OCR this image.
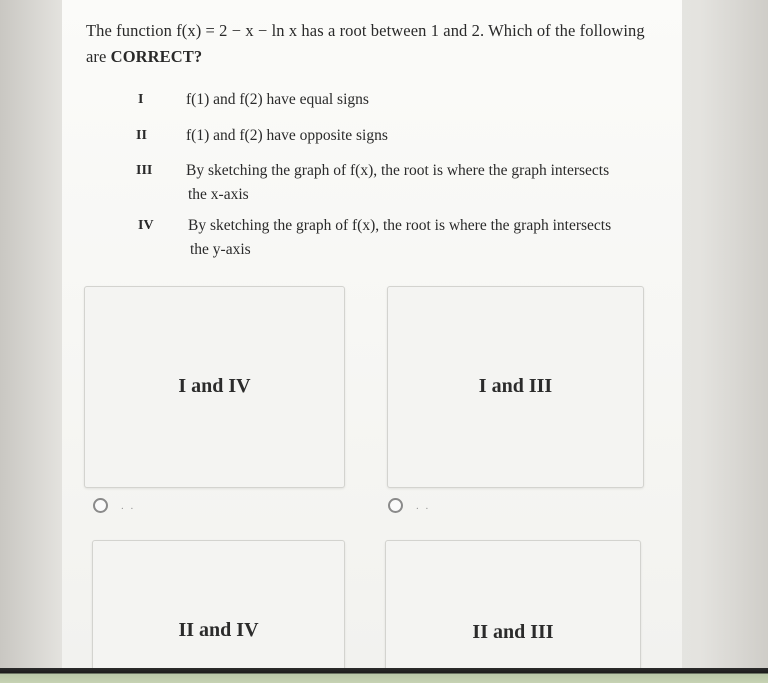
The function f(x) = 2 − x − ln x has a root between 1 and 2. Which of the following
are CORRECT?
I	f(1) and f(2) have equal signs
II	f(1) and f(2) have opposite signs
III	By sketching the graph of f(x), the root is where the graph intersects
the x-axis
IV	By sketching the graph of f(x), the root is where the graph intersects
the y-axis
I and IV	I and III
. .	. .
II and IV	II and III
